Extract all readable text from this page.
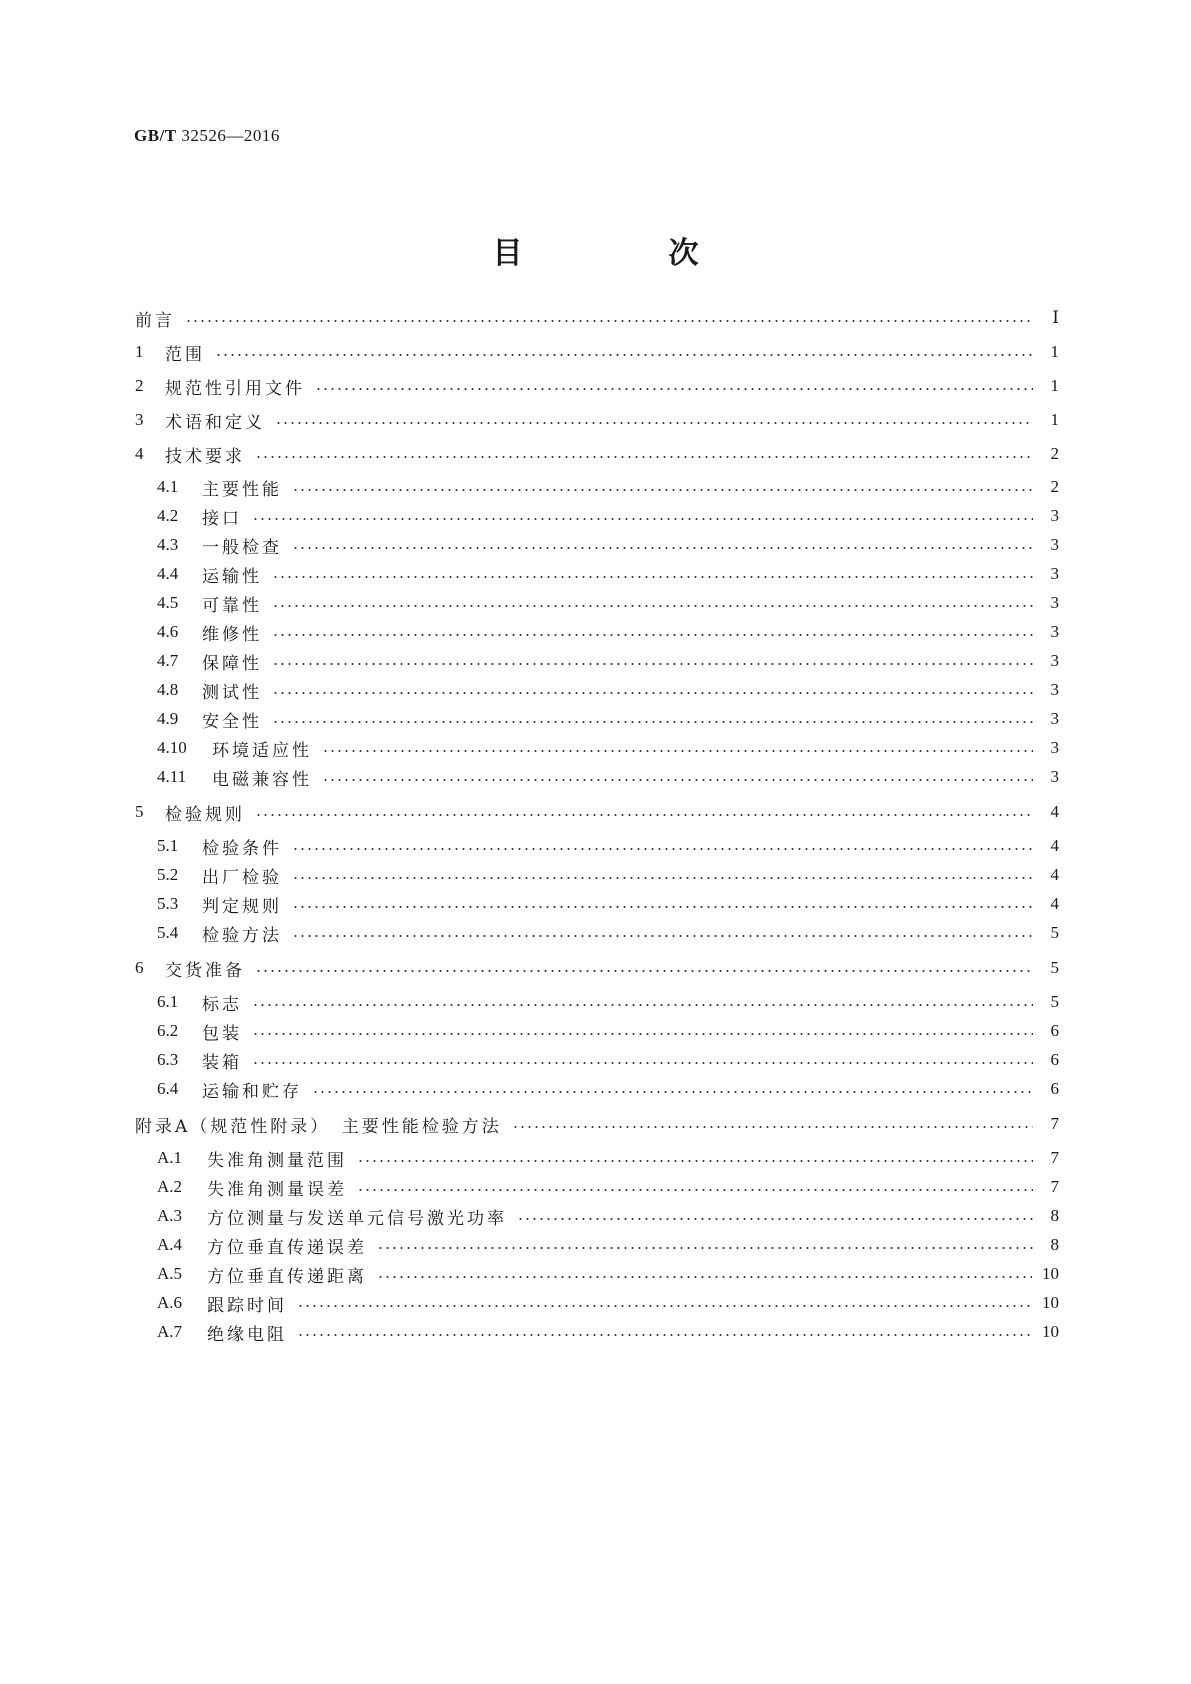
GB/T 32526—2016
目　次
前言	Ⅰ
1	范围	1
2	规范性引用文件	1
3	术语和定义	1
4	技术要求	2
4.1	主要性能	2
4.2	接口	3
4.3	一般检查	3
4.4	运输性	3
4.5	可靠性	3
4.6	维修性	3
4.7	保障性	3
4.8	测试性	3
4.9	安全性	3
4.10	环境适应性	3
4.11	电磁兼容性	3
5	检验规则	4
5.1	检验条件	4
5.2	出厂检验	4
5.3	判定规则	4
5.4	检验方法	5
6	交货准备	5
6.1	标志	5
6.2	包装	6
6.3	装箱	6
6.4	运输和贮存	6
附录A（规范性附录）　主要性能检验方法	7
A.1	失准角测量范围	7
A.2	失准角测量误差	7
A.3	方位测量与发送单元信号激光功率	8
A.4	方位垂直传递误差	8
A.5	方位垂直传递距离	10
A.6	跟踪时间	10
A.7	绝缘电阻	10
